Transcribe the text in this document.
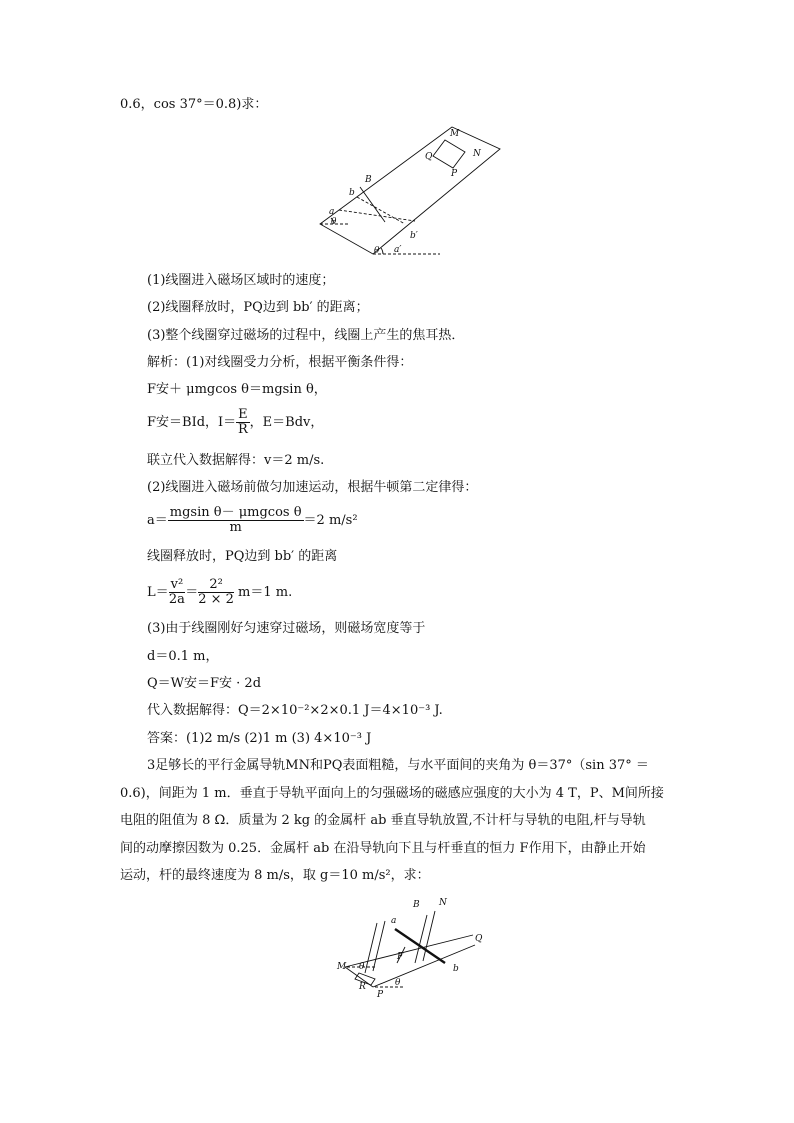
0.6，cos 37°＝0.8)求：
M
N
Q
P
B
b
a
θ
b′
a′
θ
(1)线圈进入磁场区域时的速度；
(2)线圈释放时，PQ边到 bb′ 的距离；
(3)整个线圈穿过磁场的过程中，线圈上产生的焦耳热．
解析：(1)对线圈受力分析，根据平衡条件得：
F安＋ μmgcos θ＝mgsin θ，
F安＝BId，$I= \frac{E}{R}$ ，E＝Bdv，
联立代入数据解得：v＝2 m/s.
(2)线圈进入磁场前做匀加速运动，根据牛顿第二定律得：
$a= \frac{\text{mgsin θ－ μmgcos θ}}{m} =2$ m/s²
线圈释放时，PQ边到 bb′ 的距离
$L= \frac{\text{v²}}{2a} = \frac{\text{2²}}{2 \times 2} m=1$ m.
(3)由于线圈刚好匀速穿过磁场，则磁场宽度等于
d＝0.1 m，
Q＝W安＝F安 · 2d
代入数据解得：Q＝2×10⁻²×2×0.1 J＝4×10⁻³ J.
答案：(1)2 m/s (2)1 m (3) 4×10⁻³ J
3足够长的平行金属导轨MN和PQ表面粗糙，与水平面间的夹角为 θ＝37°（sin 37° ＝
0.6)，间距为 1 m．垂直于导轨平面向上的匀强磁场的磁感应强度的大小为 4 T，P、M间所接
电阻的阻值为 8 Ω．质量为 2 kg 的金属杆 ab 垂直导轨放置,不计杆与导轨的电阻,杆与导轨
间的动摩擦因数为 0.25．金属杆 ab 在沿导轨向下且与杆垂直的恒力 F作用下，由静止开始
运动，杆的最终速度为 8 m/s，取 g＝10 m/s²，求：
B N
a
Q
F
b
M θ
R
P
θ
